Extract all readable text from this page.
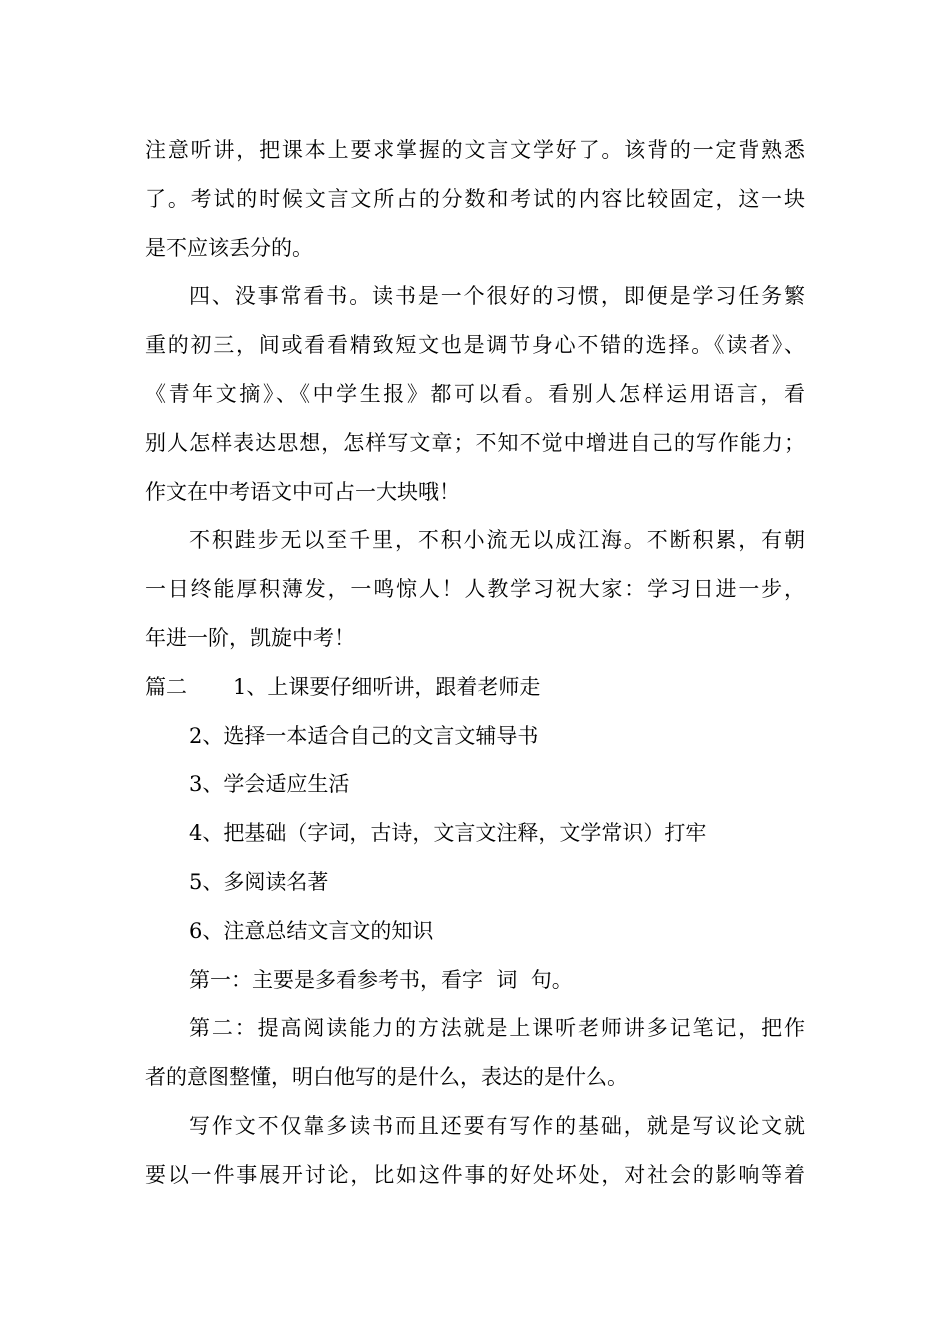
注意听讲，把课本上要求掌握的文言文学好了。该背的一定背熟悉
了。考试的时候文言文所占的分数和考试的内容比较固定，这一块
是不应该丢分的。
四、没事常看书。读书是一个很好的习惯，即便是学习任务繁
重的初三，间或看看精致短文也是调节身心不错的选择。《读者》、
《青年文摘》、《中学生报》都可以看。看别人怎样运用语言，看
别人怎样表达思想，怎样写文章；不知不觉中增进自己的写作能力；
作文在中考语文中可占一大块哦！
不积跬步无以至千里，不积小流无以成江海。不断积累，有朝
一日终能厚积薄发，一鸣惊人！人教学习祝大家：学习日进一步，
年进一阶，凯旋中考！
篇二 1、上课要仔细听讲，跟着老师走
2、选择一本适合自己的文言文辅导书
3、学会适应生活
4、把基础（字词，古诗，文言文注释，文学常识）打牢
5、多阅读名著
6、注意总结文言文的知识
第一：主要是多看参考书，看字  词  句。
第二：提高阅读能力的方法就是上课听老师讲多记笔记，把作
者的意图整懂，明白他写的是什么，表达的是什么。
写作文不仅靠多读书而且还要有写作的基础，就是写议论文就
要以一件事展开讨论，比如这件事的好处坏处，对社会的影响等着
